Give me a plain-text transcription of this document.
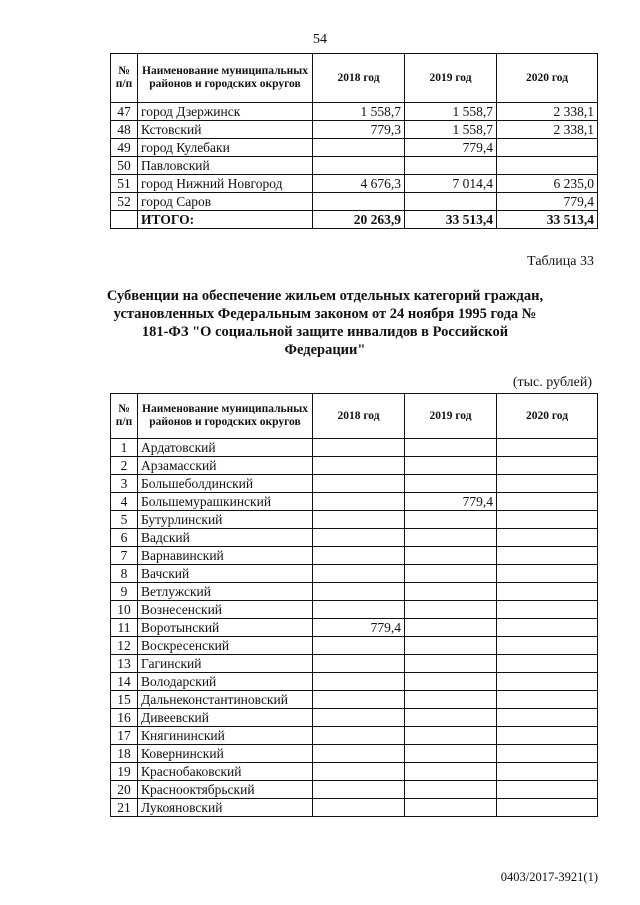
54
№ п/п	Наименование муниципальных районов и городских округов	2018 год	2019 год	2020 год
47	город Дзержинск	1 558,7	1 558,7	2 338,1
48	Кстовский	779,3	1 558,7	2 338,1
49	город Кулебаки		779,4	
50	Павловский			
51	город Нижний Новгород	4 676,3	7 014,4	6 235,0
52	город Саров			779,4
	ИТОГО:	20 263,9	33 513,4	33 513,4
Таблица 33
Субвенции на обеспечение жильем отдельных категорий граждан, установленных Федеральным законом от 24 ноября 1995 года № 181-ФЗ "О социальной защите инвалидов в Российской Федерации"
(тыс. рублей)
№ п/п	Наименование муниципальных районов и городских округов	2018 год	2019 год	2020 год
1	Ардатовский			
2	Арзамасский			
3	Большеболдинский			
4	Большемурашкинский		779,4	
5	Бутурлинский			
6	Вадский			
7	Варнавинский			
8	Вачский			
9	Ветлужский			
10	Вознесенский			
11	Воротынский	779,4		
12	Воскресенский			
13	Гагинский			
14	Володарский			
15	Дальнеконстантиновский			
16	Дивеевский			
17	Княгининский			
18	Ковернинский			
19	Краснобаковский			
20	Краснооктябрьский			
21	Лукояновский			
0403/2017-3921(1)
